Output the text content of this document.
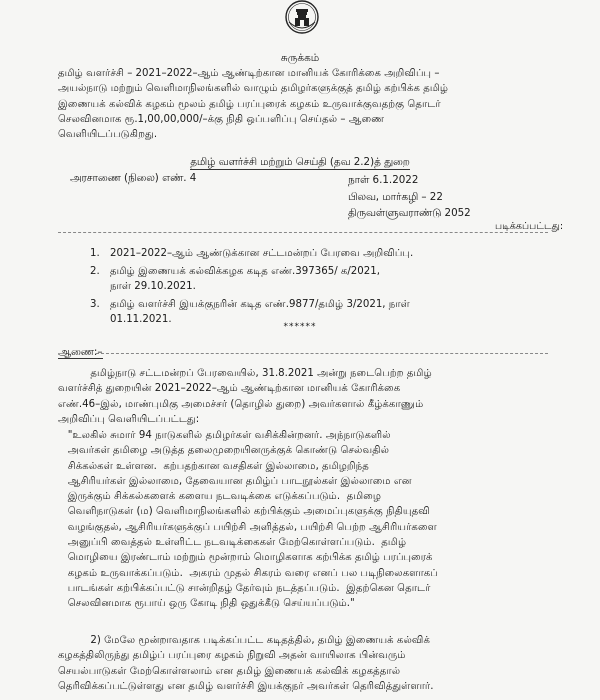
சுருக்கம்
தமிழ் வளர்ச்சி – 2021–2022–ஆம் ஆண்டிற்கான மானியக் கோரிக்கை அறிவிப்பு –
அயல்நாடு மற்றும் வெளிமாநிலங்களில் வாழும் தமிழர்களுக்குத் தமிழ் கற்பிக்க தமிழ்
இணையக் கல்விக் கழகம் மூலம் தமிழ் பரப்புரைக் கழகம் உருவாக்குவதற்கு தொடர்
செலவினமாக ரூ.1,00,00,000/–க்கு நிதி ஒப்பளிப்பு செய்தல் – ஆணை
வெளியிடப்படுகிறது.
தமிழ் வளர்ச்சி மற்றும் செய்தி (தவ 2.2)த் துறை
அரசாணை (நிலை) எண். 4	நாள் 6.1.2022
பிலவ, மார்கழி – 22
திருவள்ளுவராண்டு 2052
படிக்கப்பட்டது:
1.	2021–2022–ஆம் ஆண்டுக்கான சட்டமன்றப் பேரவை அறிவிப்பு.
2.	தமிழ் இணையக் கல்விக்கழக கடித எண்.397365/ க/2021,
நாள் 29.10.2021.
3.	தமிழ் வளர்ச்சி இயக்குநரின் கடித எண்.9877/தமிழ் 3/2021, நாள்
01.11.2021.
******
ஆணை:–
தமிழ்நாடு சட்டமன்றப் பேரவையில், 31.8.2021 அன்று நடைபெற்ற தமிழ்
வளர்ச்சித் துறையின் 2021–2022–ஆம் ஆண்டிற்கான மானியக் கோரிக்கை
எண்.46–இல், மாண்புமிகு அமைச்சர் (தொழில் துறை) அவர்களால் கீழ்க்காணும்
அறிவிப்பு வெளியிடப்பட்டது:
"உலகில் சுமார் 94 நாடுகளில் தமிழர்கள் வசிக்கின்றனர். அந்நாடுகளில்
அவர்கள் தமிழை அடுத்த தலைமுறையினருக்குக் கொண்டு செல்வதில்
சிக்கல்கள் உள்ளன.  கற்பதற்கான வசதிகள் இல்லாமை, தமிழறிந்த
ஆசிரியர்கள் இல்லாமை, தேவையான தமிழ்ப் பாடநூல்கள் இல்லாமை என
இருக்கும் சிக்கல்களைக் களைய நடவடிக்கை எடுக்கப்படும்.  தமிழை
வெளிநாடுகள் (ம) வெளிமாநிலங்களில் கற்பிக்கும் அமைப்புகளுக்கு நிதியுதவி
வழங்குதல், ஆசிரியர்களுக்குப் பயிற்சி அளித்தல், பயிற்சி பெற்ற ஆசிரியர்களை
அனுப்பி வைத்தல் உள்ளிட்ட நடவடிக்கைகள் மேற்கொள்ளப்படும்.  தமிழ்
மொழியை இரண்டாம் மற்றும் மூன்றாம் மொழிகளாக கற்பிக்க தமிழ் பரப்புரைக்
கழகம் உருவாக்கப்படும்.  அகரம் முதல் சிகரம் வரை எனப் பல படிநிலைகளாகப்
பாடங்கள் கற்பிக்கப்பட்டு சான்றிதழ் தேர்வும் நடத்தப்படும்.  இதற்கென தொடர்
செலவினமாக ரூபாய் ஒரு கோடி நிதி ஒதுக்கீடு செய்யப்படும்."
2) மேலே மூன்றாவதாக படிக்கப்பட்ட கடிதத்தில், தமிழ் இணையக் கல்விக்
கழகத்திலிருந்து தமிழ்ப் பரப்புரை கழகம் நிறுவி அதன் வாயிலாக பின்வரும்
செயல்பாடுகள் மேற்கொள்ளலாம் என தமிழ் இணையக் கல்விக் கழகத்தால்
தெரிவிக்கப்பட்டுள்ளது என தமிழ் வளர்ச்சி இயக்குநர் அவர்கள் தெரிவித்துள்ளார்.
